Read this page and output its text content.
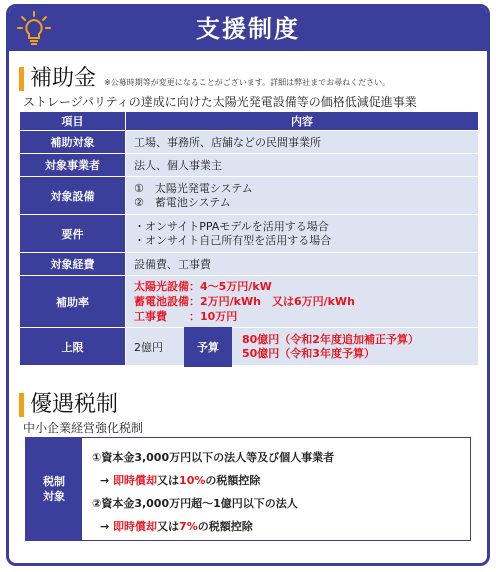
支援制度
補助金 ※公募時期等が変更になることがございます。詳細は弊社までお尋ねください。
ストレージパリティの達成に向けた太陽光発電設備等の価格低減促進事業
項目	内容
補助対象	工場、事務所、店舗などの民間事業所
対象事業者	法人、個人事業主
対象設備	①　太陽光発電システム
②　蓄電池システム

要件	・オンサイトPPAモデルを活用する場合
・オンサイト自己所有型を活用する場合

対象経費	設備費、工事費
補助率	太陽光設備：4～5万円/kW
蓄電池設備：2万円/kWh　又は6万円/kWh
工事費　　：10万円

上限	2億円 予算
80億円（令和2年度追加補正予算）
50億円（令和3年度予算）
優遇税制
中小企業経営強化税制
税制
対象
①資本金3,000万円以下の法人等及び個人事業者
→ 即時償却又は10%の税額控除
②資本金3,000万円超～1億円以下の法人
→ 即時償却又は7%の税額控除
